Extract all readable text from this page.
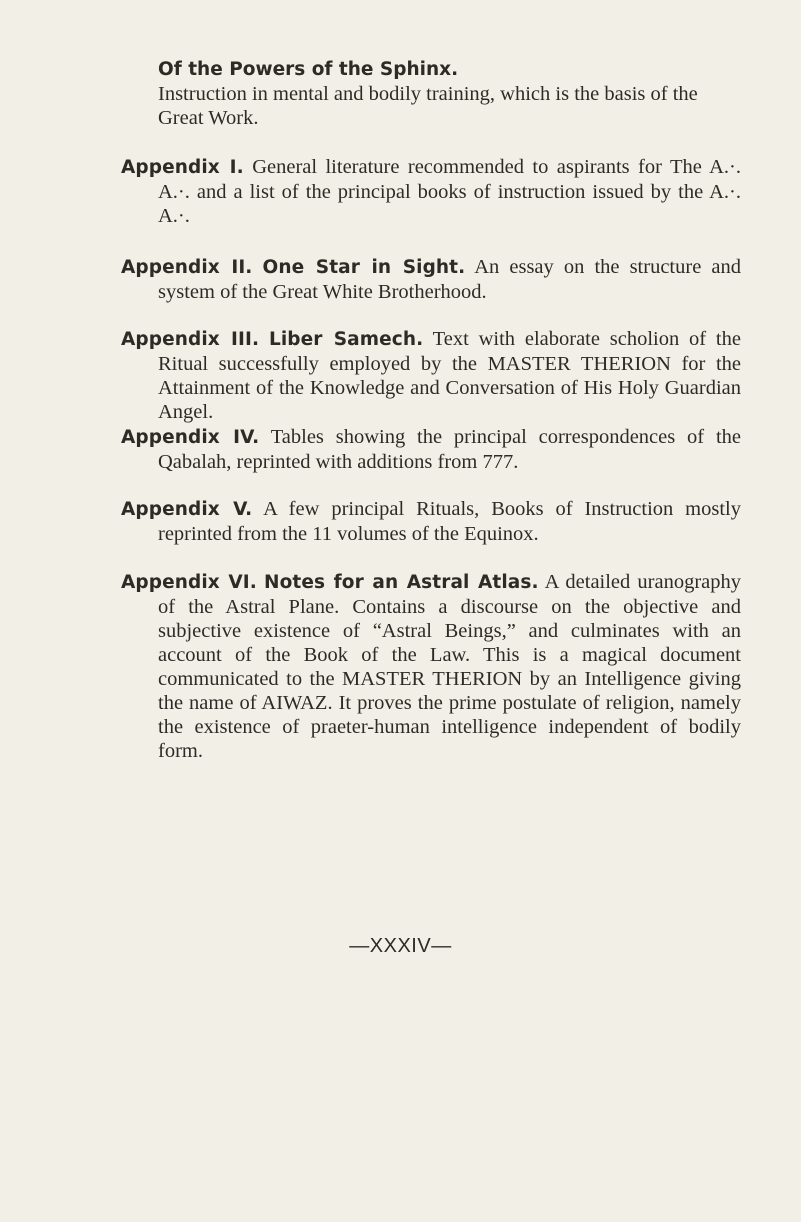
Of the Powers of the Sphinx.
Instruction in mental and bodily training, which is the basis of the Great Work.
Appendix I. General literature recommended to aspirants for The A.·. A.·. and a list of the principal books of instruction issued by the A.·. A.·.
Appendix II. One Star in Sight. An essay on the structure and system of the Great White Brotherhood.
Appendix III. Liber Samech. Text with elaborate scholion of the Ritual successfully employed by the MASTER THERION for the Attainment of the Knowledge and Conversation of His Holy Guardian Angel.
Appendix IV. Tables showing the principal correspondences of the Qabalah, reprinted with additions from 777.
Appendix V. A few principal Rituals, Books of Instruction mostly reprinted from the 11 volumes of the Equinox.
Appendix VI. Notes for an Astral Atlas. A detailed uranography of the Astral Plane. Contains a discourse on the objective and subjective existence of “Astral Beings,” and culminates with an account of the Book of the Law. This is a magical document communicated to the MASTER THERION by an Intelligence giving the name of AIWAZ. It proves the prime postulate of religion, namely the existence of praeter-human intelligence independent of bodily form.
—XXXIV—
